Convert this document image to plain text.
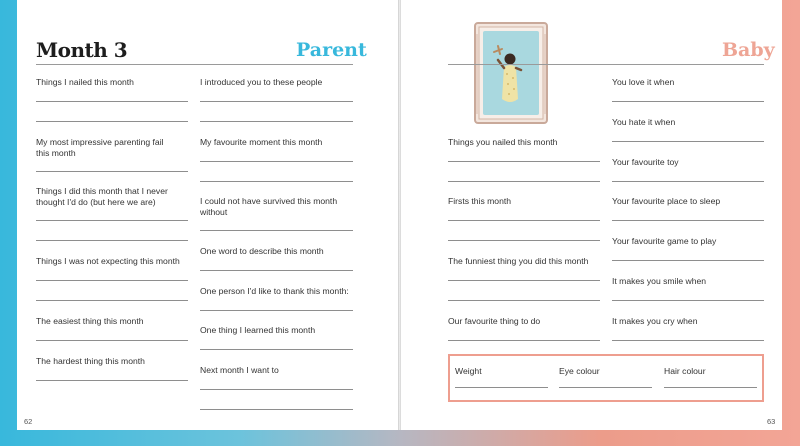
Month 3	Parent
Things I nailed this month
My most impressive parenting fail this month
Things I did this month that I never thought I'd do (but here we are)
Things I was not expecting this month
The easiest thing this month
The hardest thing this month
I introduced you to these people
My favourite moment this month
I could not have survived this month without
One word to describe this month
One person I'd like to thank this month:
One thing I learned this month
Next month I want to
62
Baby
Things you nailed this month
Firsts this month
The funniest thing you did this month
Our favourite thing to do
You love it when
You hate it when
Your favourite toy
Your favourite place to sleep
Your favourite game to play
It makes you smile when
It makes you cry when
Weight	Eye colour	Hair colour
63
